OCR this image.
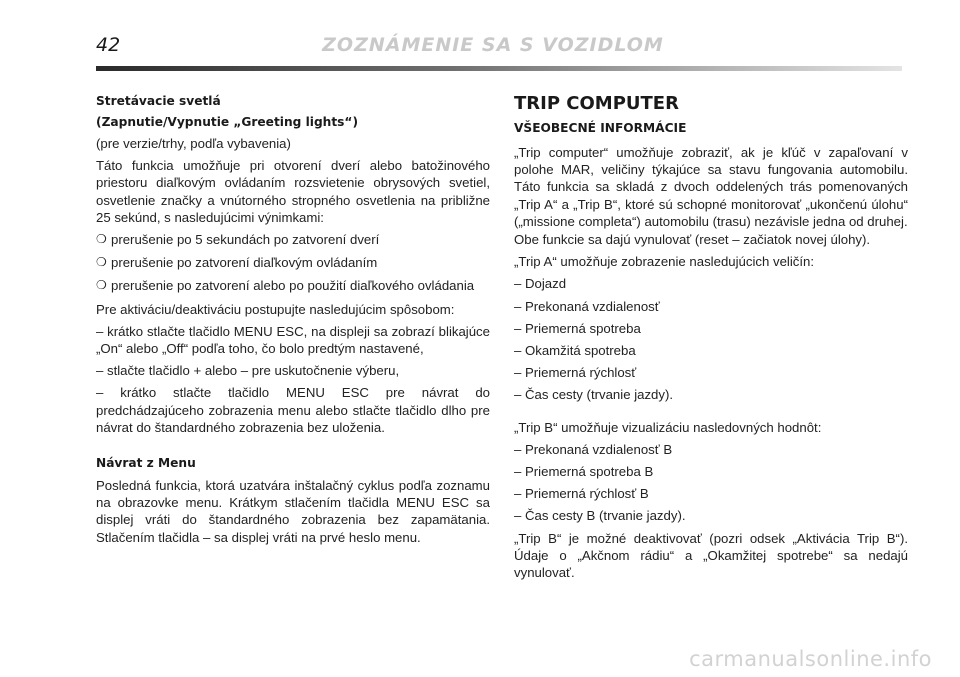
42	ZOZNÁMENIE SA S VOZIDLOM

Stretávacie svetlá

(Zapnutie/Vypnutie „Greeting lights“)

(pre verzie/trhy, podľa vybavenia)

Táto funkcia umožňuje pri otvorení dverí alebo batožinového priestoru diaľkovým ovládaním rozsvietenie obrysových svetiel, osvetlenie značky a vnútorného stropného osvetlenia na približne 25 sekúnd, s nasledujúcimi výnimkami:

❍ prerušenie po 5 sekundách po zatvorení dverí
❍ prerušenie po zatvorení diaľkovým ovládaním
❍ prerušenie po zatvorení alebo po použití diaľkového ovládania

Pre aktiváciu/deaktiváciu postupujte nasledujúcim spôsobom:

– krátko stlačte tlačidlo MENU ESC, na displeji sa zobrazí blikajúce „On“ alebo „Off“ podľa toho, čo bolo predtým nastavené,

– stlačte tlačidlo + alebo – pre uskutočnenie výberu,

– krátko stlačte tlačidlo MENU ESC pre návrat do predchádzajúceho zobrazenia menu alebo stlačte tlačidlo dlho pre návrat do štandardného zobrazenia bez uloženia.

Návrat z Menu

Posledná funkcia, ktorá uzatvára inštalačný cyklus podľa zoznamu na obrazovke menu. Krátkym stlačením tlačidla MENU ESC sa displej vráti do štandardného zobrazenia bez zapamätania. Stlačením tlačidla – sa displej vráti na prvé heslo menu.

TRIP COMPUTER

VŠEOBECNÉ INFORMÁCIE

„Trip computer“ umožňuje zobraziť, ak je kľúč v zapaľovaní v polohe MAR, veličiny týkajúce sa stavu fungovania automobilu. Táto funkcia sa skladá z dvoch oddelených trás pomenovaných „Trip A“ a „Trip B“, ktoré sú schopné monitorovať „ukončenú úlohu“ („missione completa“) automobilu (trasu) nezávisle jedna od druhej.

Obe funkcie sa dajú vynulovať (reset – začiatok novej úlohy).

„Trip A“ umožňuje zobrazenie nasledujúcich veličín:

– Dojazd

– Prekonaná vzdialenosť

– Priemerná spotreba

– Okamžitá spotreba

– Priemerná rýchlosť

– Čas cesty (trvanie jazdy).

„Trip B“ umožňuje vizualizáciu nasledovných hodnôt:

– Prekonaná vzdialenosť B

– Priemerná spotreba B

– Priemerná rýchlosť B

– Čas cesty B (trvanie jazdy).

„Trip B“ je možné deaktivovať (pozri odsek „Aktivácia Trip B“). Údaje o „Akčnom rádiu“ a „Okamžitej spotrebe“ sa nedajú vynulovať.

carmanualsonline.info
